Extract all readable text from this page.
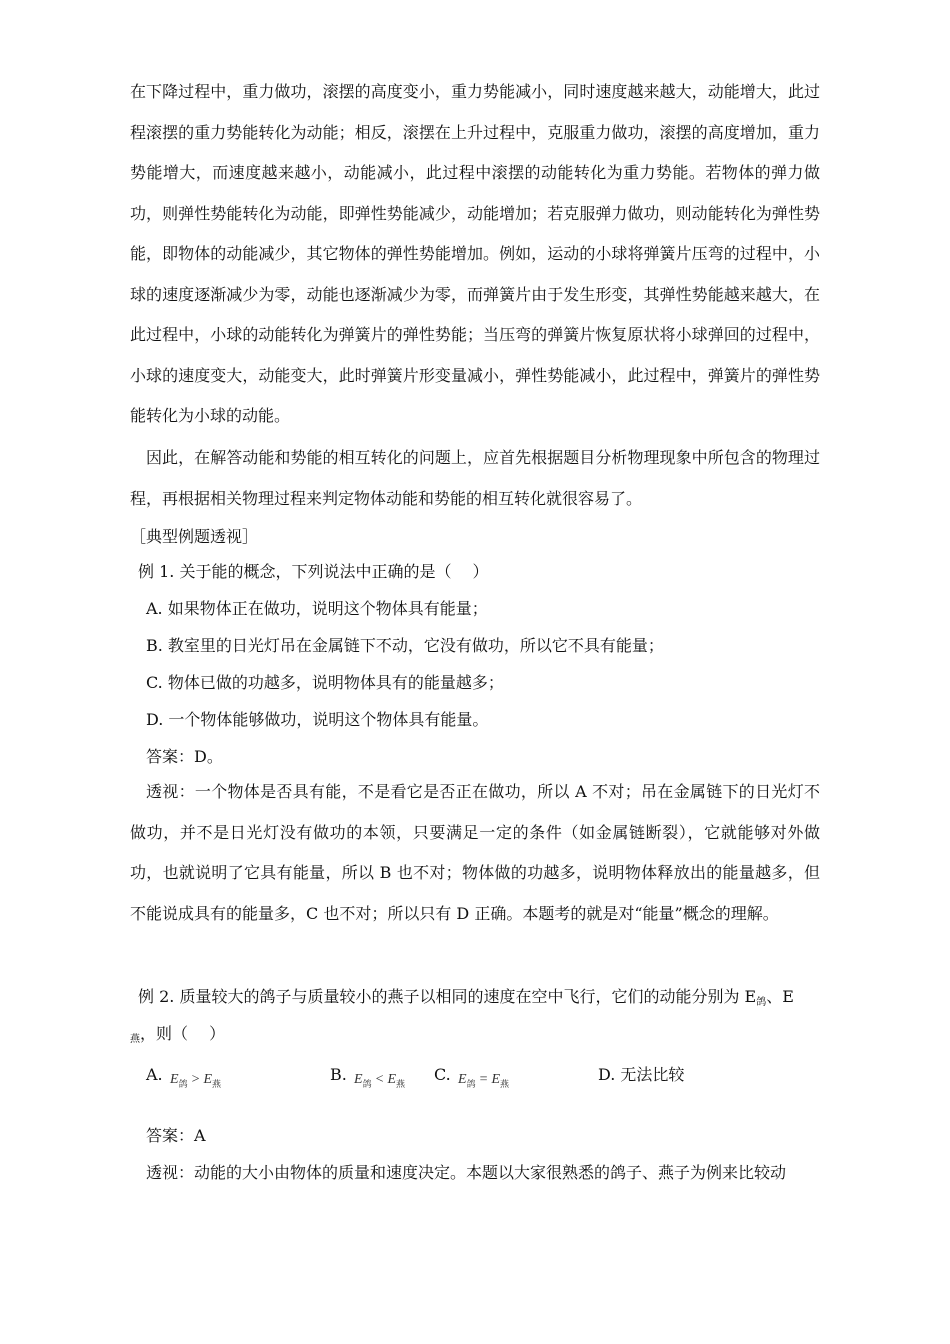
在下降过程中，重力做功，滚摆的高度变小，重力势能减小，同时速度越来越大，动能增大，此过程滚摆的重力势能转化为动能；相反，滚摆在上升过程中，克服重力做功，滚摆的高度增加，重力势能增大，而速度越来越小，动能减小，此过程中滚摆的动能转化为重力势能。若物体的弹力做功，则弹性势能转化为动能，即弹性势能减少，动能增加；若克服弹力做功，则动能转化为弹性势能，即物体的动能减少，其它物体的弹性势能增加。例如，运动的小球将弹簧片压弯的过程中，小球的速度逐渐减少为零，动能也逐渐减少为零，而弹簧片由于发生形变，其弹性势能越来越大，在此过程中，小球的动能转化为弹簧片的弹性势能；当压弯的弹簧片恢复原状将小球弹回的过程中，小球的速度变大，动能变大，此时弹簧片形变量减小，弹性势能减小，此过程中，弹簧片的弹性势能转化为小球的动能。

因此，在解答动能和势能的相互转化的问题上，应首先根据题目分析物理现象中所包含的物理过程，再根据相关物理过程来判定物体动能和势能的相互转化就很容易了。

［典型例题透视］

例 1. 关于能的概念，下列说法中正确的是（　 ）

A. 如果物体正在做功，说明这个物体具有能量；

B. 教室里的日光灯吊在金属链下不动，它没有做功，所以它不具有能量；

C. 物体已做的功越多，说明物体具有的能量越多；

D. 一个物体能够做功，说明这个物体具有能量。

答案：D。

透视：一个物体是否具有能，不是看它是否正在做功，所以 A 不对；吊在金属链下的日光灯不做功，并不是日光灯没有做功的本领，只要满足一定的条件（如金属链断裂），它就能够对外做功，也就说明了它具有能量，所以 B 也不对；物体做的功越多，说明物体释放出的能量越多，但不能说成具有的能量多，C 也不对；所以只有 D 正确。本题考的就是对“能量”概念的理解。

例 2. 质量较大的鸽子与质量较小的燕子以相同的速度在空中飞行，它们的动能分别为 E鸽、E

燕，则（　 ）

A. $E_鸽 > E_燕$	B. $E_鸽 < E_燕$ C. $E_鸽 = E_燕$	D. 无法比较

答案：A

透视：动能的大小由物体的质量和速度决定。本题以大家很熟悉的鸽子、燕子为例来比较动
